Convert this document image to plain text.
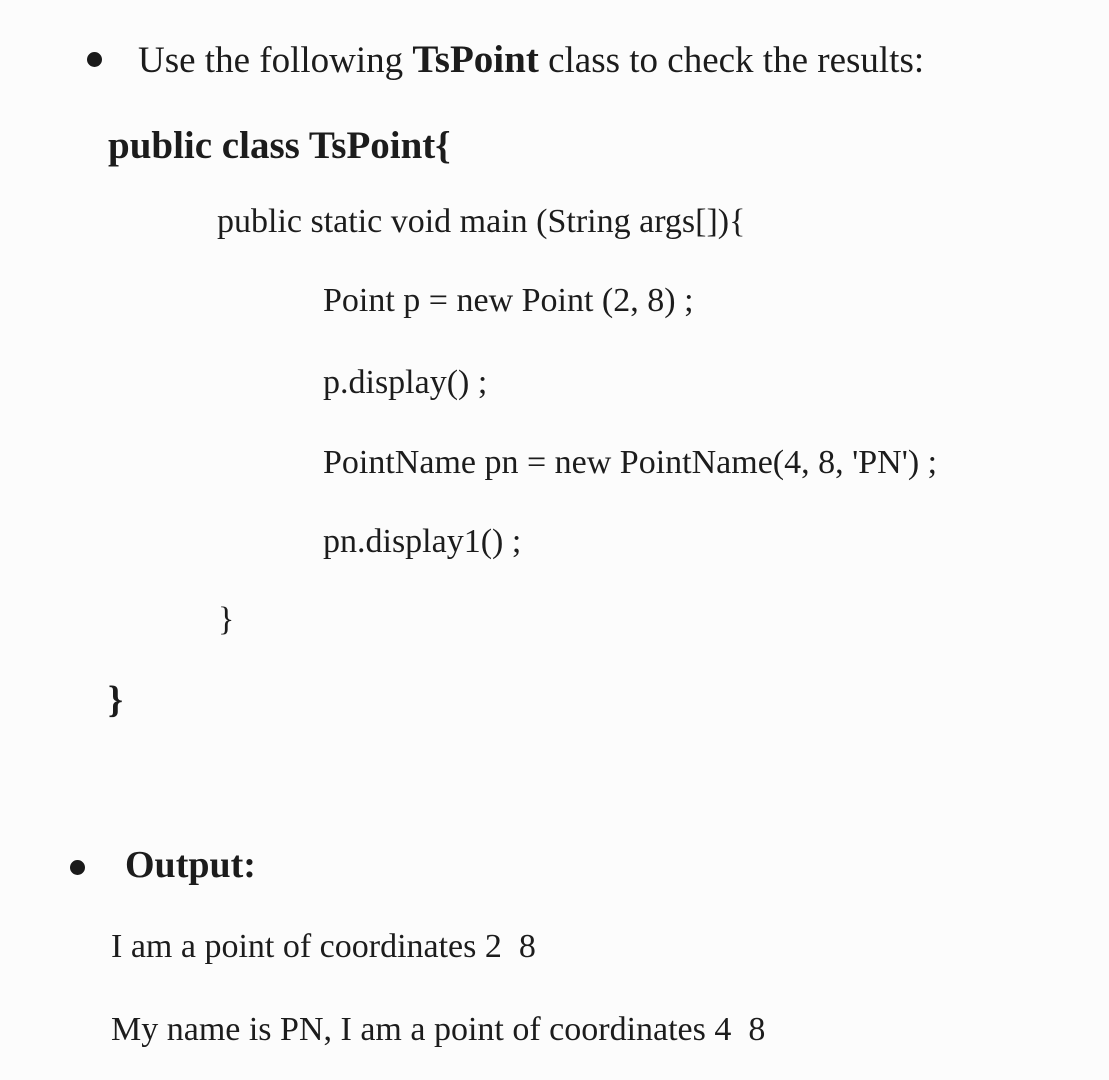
Use the following TsPoint class to check the results:
public class TsPoint{
public static void main (String args[]){
Point p = new Point (2, 8) ;
p.display() ;
PointName pn = new PointName(4, 8, 'PN') ;
pn.display1() ;
}
}
Output:
I am a point of coordinates 2  8
My name is PN, I am a point of coordinates 4  8
